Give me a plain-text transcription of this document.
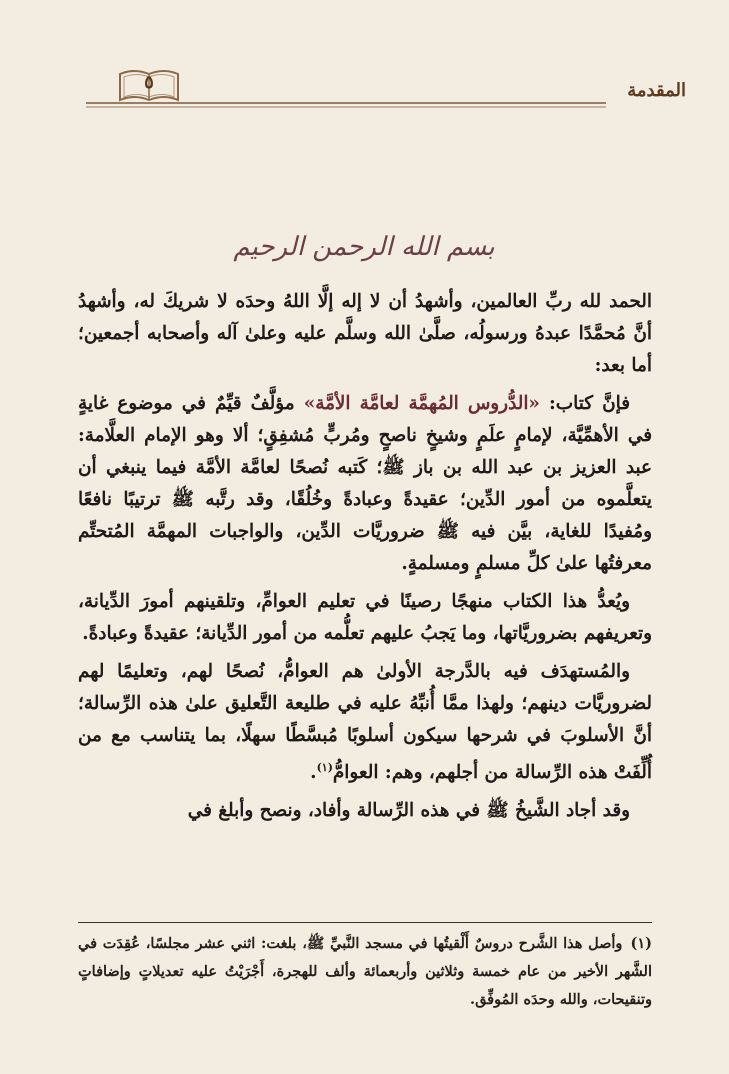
٥	المقدمة
بسم الله الرحمن الرحيم

الحمد لله ربِّ العالمين، وأشهدُ أن لا إله إلَّا اللهُ وحدَه لا شريكَ له، وأشهدُ أنَّ مُحمَّدًا عبدهُ ورسولُه، صلَّىٰ الله وسلَّم عليه وعلىٰ آله وأصحابه أجمعين؛ أما بعد:

فإنَّ كتاب: «الدُّروس المُهمَّة لعامَّة الأمَّة» مؤلَّفٌ قيِّمٌ في موضوع غايةٍ في الأهمِّيَّة، لإمامٍ علَمٍ وشيخٍ ناصحٍ ومُربٍّ مُشفِقٍ؛ ألا وهو الإمام العلَّامة: عبد العزيز بن عبد الله بن باز ﷺ؛ كَتبه نُصحًا لعامَّة الأمَّة فيما ينبغي أن يتعلَّموه من أمور الدِّين؛ عقيدةً وعبادةً وخُلُقًا، وقد رتَّبه ﷺ ترتيبًا نافعًا ومُفيدًا للغاية، بيَّن فيه ﷺ ضروريَّات الدِّين، والواجبات المهمَّة المُتحتِّم معرفتُها علىٰ كلِّ مسلمٍ ومسلمةٍ.

ويُعدُّ هذا الكتاب منهجًا رصينًا في تعليم العوامِّ، وتلقينهم أمورَ الدِّيانة، وتعريفهم بضروريَّاتها، وما يَجبُ عليهم تعلُّمه من أمور الدِّيانة؛ عقيدةً وعبادةً.

والمُستهدَف فيه بالدَّرجة الأولىٰ هم العوامُّ، نُصحًا لهم، وتعليمًا لهم لضروريَّات دينهم؛ ولهذا ممَّا أُنبِّهُ عليه في طليعة التَّعليق علىٰ هذه الرِّسالة؛ أنَّ الأسلوبَ في شرحها سيكون أسلوبًا مُبسَّطًا سهلًا، بما يتناسب مع من أُلِّفَتْ هذه الرِّسالة من أجلهم، وهم: العوامُّ$^{(١)}$.

وقد أجاد الشَّيخُ ﷺ في هذه الرِّسالة وأفاد، ونصح وأبلغ في

(١)وأصل هذا الشَّرح دروسٌ أَلْقيتُها في مسجد النَّبيِّ ﷺ، بلغت: اثني عشر مجلسًا، عُقِدَت في الشَّهر الأخير من عام خمسة وثلاثين وأربعمائة وألف للهجرة، أَجْرَيْتُ عليه تعديلاتٍ وإضافاتٍ وتنقيحات، والله وحدَه المُوفِّق.
